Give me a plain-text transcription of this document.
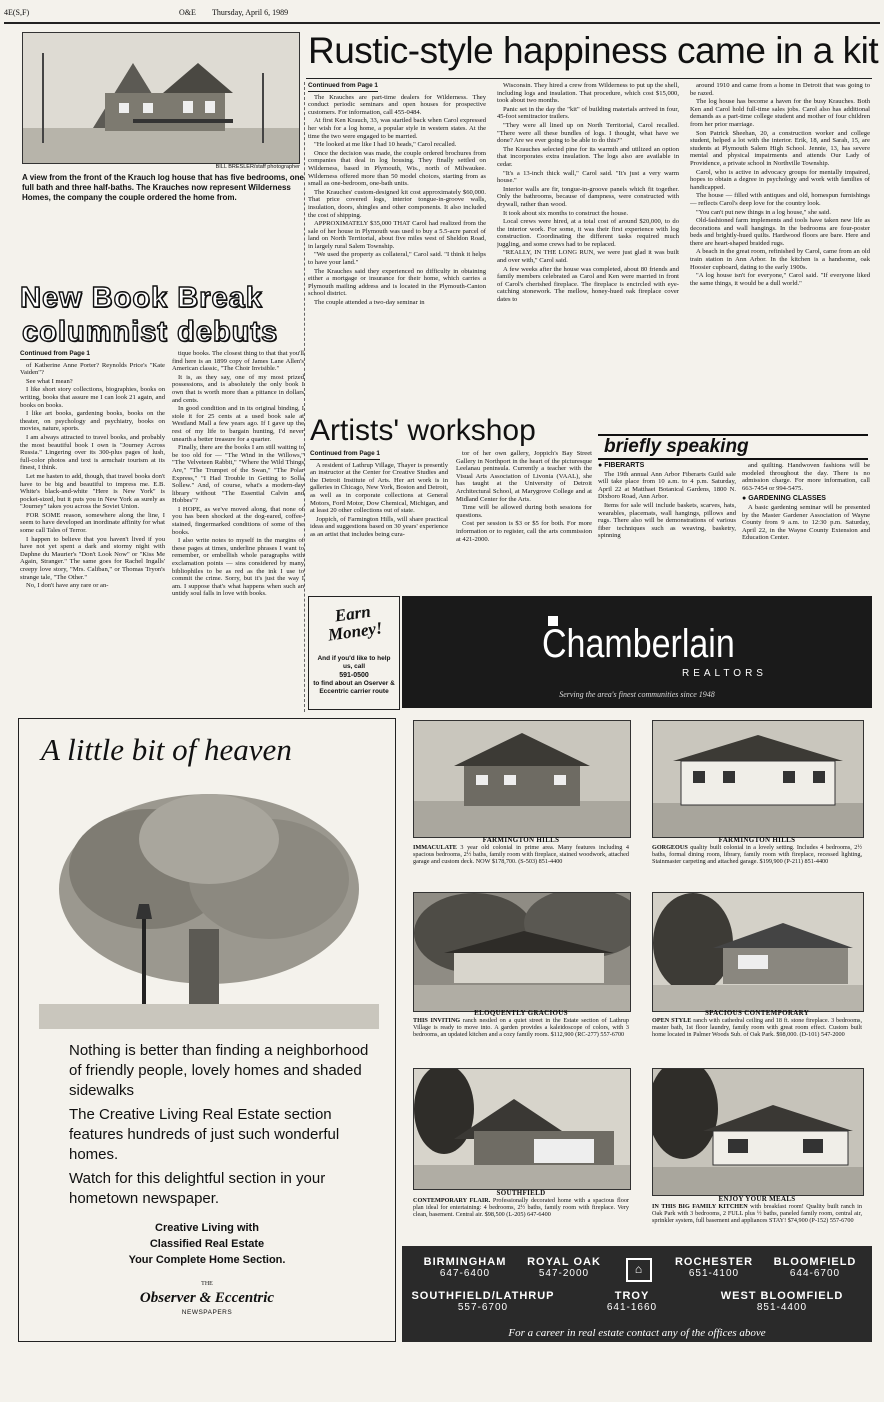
4E(S,F)	O&E Thursday, April 6, 1989
BILL BRESLER/staff photographer
A view from the front of the Krauch log house that has five bedrooms, one full bath and three half-baths. The Krauches now represent Wilderness Homes, the company the couple ordered the home from.
Rustic-style happiness came in a kit

Continued from Page 1

The Krauches are part-time dealers for Wilderness. They conduct periodic seminars and open houses for prospective customers. For information, call 455-0484.

At first Ken Krauch, 33, was startled back when Carol expressed her wish for a log home, a popular style in western states. At the time the two were engaged to be married.

"He looked at me like I had 10 heads," Carol recalled.

Once the decision was made, the couple ordered brochures from companies that deal in log housing. They finally settled on Wilderness, based in Plymouth, Wis., north of Milwaukee. Wilderness offered more than 50 model choices, starting from as small as one-bedroom, one-bath units.

The Krauches' custom-designed kit cost approximately $60,000. That price covered logs, interior tongue-in-groove walls, insulation, doors, shingles and other components. It also included the cost of shipping.

APPROXIMATELY $35,000 THAT Carol had realized from the sale of her house in Plymouth was used to buy a 5.5-acre parcel of land on North Territorial, about five miles west of Sheldon Road, in largely rural Salem Township.

"We used the property as collateral," Carol said. "I think it helps to have your land."

The Krauches said they experienced no difficulty in obtaining either a mortgage or insurance for their home, which carries a Plymouth mailing address and is located in the Plymouth-Canton school district.

The couple attended a two-day seminar in

Wisconsin. They hired a crew from Wilderness to put up the shell, including logs and insulation. That procedure, which cost $15,000, took about two months.

Panic set in the day the "kit" of building materials arrived in four, 45-foot semitractor trailers.

"They were all lined up on North Territorial, Carol recalled. "There were all these bundles of logs. I thought, what have we done? Are we ever going to be able to do this?"

The Krauches selected pine for its warmth and utilized an option that incorporates extra insulation. The logs also are available in cedar.

"It's a 13-inch thick wall," Carol said. "It's just a very warm house."

Interior walls are fir, tongue-in-groove panels which fit together. Only the bathrooms, because of dampness, were constructed with drywall, rather than wood.

It took about six months to construct the house.

Local crews were hired, at a total cost of around $20,000, to do the interior work. For some, it was their first experience with log construction. Coordinating the different tasks required much juggling, and some crews had to be replaced.

"REALLY, IN THE LONG RUN, we were just glad it was built and over with," Carol said.

A few weeks after the house was completed, about 80 friends and family members celebrated as Carol and Ken were married in front of Carol's cherished fireplace. The fireplace is encircled with eye-catching stonework. The mellow, honey-hued oak fireplace cover dates to

around 1910 and came from a home in Detroit that was going to be razed.

The log house has become a haven for the busy Krauches. Both Ken and Carol hold full-time sales jobs. Carol also has additional demands as a part-time college student and mother of four children from her prior marriage.

Son Patrick Sheehan, 20, a construction worker and college student, helped a lot with the interior. Erik, 18, and Sarah, 15, are students at Plymouth Salem High School. Jennie, 13, has severe mental and physical impairments and attends Our Lady of Providence, a private school in Northville Township.

Carol, who is active in advocacy groups for mentally impaired, hopes to obtain a degree in psychology and work with families of handicapped.

The house — filled with antiques and old, homespun furnishings — reflects Carol's deep love for the country look.

"You can't put new things in a log house," she said.

Old-fashioned farm implements and tools have taken new life as decorations and wall hangings. In the bedrooms are four-poster beds and brightly-hued quilts. Hardwood floors are bare. Here and there are heart-shaped braided rugs.

A beach in the great room, refinished by Carol, came from an old train station in Ann Arbor. In the kitchen is a handsome, oak Hoosier cupboard, dating to the early 1900s.

"A log house isn't for everyone," Carol said. "If everyone liked the same things, it would be a dull world."

New Book Break
columnist debuts

Continued from Page 1

of Katherine Anne Porter? Reynolds Price's "Kate Vaiden"?

See what I mean?

I like short story collections, biographies, books on writing, books that assure me I can look 21 again, and books on books.

I like art books, gardening books, books on the theater, on psychology and psychiatry, books on movies, nature, sports.

I am always attracted to travel books, and probably the most beautiful book I own is "Journey Across Russia." Lingering over its 300-plus pages of lush, full-color photos and text is armchair tourism at its finest, I think.

Let me hasten to add, though, that travel books don't have to be big and beautiful to impress me. E.B. White's black-and-white "Here is New York" is pocket-sized, but it puts you in New York as surely as "Journey" takes you across the Soviet Union.

FOR SOME reason, somewhere along the line, I seem to have developed an inordinate affinity for what some call Tales of Terror.

I happen to believe that you haven't lived if you have not yet spent a dark and stormy night with Daphne du Maurier's "Don't Look Now" or "Kiss Me Again, Stranger." The same goes for Rachel Ingalls' creepy love story, "Mrs. Caliban," or Thomas Tryon's strange tale, "The Other."

No, I don't have any rare or an-

tique books. The closest thing to that that you'll find here is an 1899 copy of James Lane Allen's American classic, "The Choir Invisible."

It is, as they say, one of my most prized possessions, and is absolutely the only book I own that is worth more than a pittance in dollars and cents.

In good condition and in its original binding, I stole it for 25 cents at a used book sale at Westland Mall a few years ago. If I gave up the rest of my life to bargain hunting, I'd never unearth a better treasure for a quarter.

Finally, there are the books I am still waiting to be too old for — "The Wind in the Willows," "The Velveteen Rabbit," "Where the Wild Things Are," "The Trumpet of the Swan," "The Polar Express," "I Had Trouble in Getting to Solla Sollew." And, of course, what's a modern-day library without "The Essential Calvin and Hobbes"?

I HOPE, as we've moved along, that none of you has been shocked at the dog-eared, coffee-stained, fingermarked conditions of some of the books.

I also write notes to myself in the margins of these pages at times, underline phrases I want to remember, or embellish whole paragraphs with exclamation points — sins considered by many bibliophiles to be as red as the ink I use to commit the crime. Sorry, but it's just the way I am. I suppose that's what happens when such an untidy soul falls in love with books.

Artists' workshop

Continued from Page 1

A resident of Lathrup Village, Thayer is presently an instructor at the Center for Creative Studies and the Detroit Institute of Arts. Her art work is in galleries in Chicago, New York, Boston and Detroit, as well as in corporate collections at General Motors, Ford Motor, Dow Chemical, Michigan, and at least 20 other collections out of state.

Joppich, of Farmington Hills, will share practical ideas and suggestions based on 30 years' experience as an artist that includes being cura-

tor of her own gallery, Joppich's Bay Street Gallery in Northport in the heart of the picturesque Leelanau peninsula. Currently a teacher with the Visual Arts Association of Livonia (VAAL), she has taught at the University of Detroit Architectural School, at Marygrove College and at Midland Center for the Arts.

Time will be allowed during both sessions for questions.

Cost per session is $3 or $5 for both. For more information or to register, call the arts commission at 421-2000.

briefly speaking

● FIBERARTS

The 19th annual Ann Arbor Fiberarts Guild sale will take place from 10 a.m. to 4 p.m. Saturday, April 22 at Matthaei Botanical Gardens, 1800 N. Dixboro Road, Ann Arbor.

Items for sale will include baskets, scarves, hats, wearables, placemats, wall hangings, pillows and rugs. There also will be demonstrations of various fiber techniques such as weaving, basketry, spinning

and quilting. Handwoven fashions will be modeled throughout the day. There is no admission charge. For more information, call 663-7454 or 994-5475.

● GARDENING CLASSES

A basic gardening seminar will be presented by the Master Gardener Association of Wayne County from 9 a.m. to 12:30 p.m. Saturday, April 22, in the Wayne County Extension and Education Center.

Earn Money!
And if you'd like to help us, call
591-0500
to find about an Oserver & Eccentric carrier route
Chamberlain
REALTORS
Serving the area's finest communities since 1948
A little bit of heaven
Nothing is better than finding a neighborhood of friendly people, lovely homes and shaded sidewalks
The Creative Living Real Estate section features hundreds of just such wonderful homes.
Watch for this delightful section in your hometown newspaper.
Creative Living with
Classified Real Estate
Your Complete Home Section.
THE
Observer & Eccentric
NEWSPAPERS
FARMINGTON HILLS
IMMACULATE 3 year old colonial in prime area. Many features including 4 spacious bedrooms, 2½ baths, family room with fireplace, stained woodwork, attached garage and custom deck. NOW $178,700. (S-503) 851-4400
FARMINGTON HILLS
GORGEOUS quality built colonial in a lovely setting. Includes 4 bedrooms, 2½ baths, formal dining room, library, family room with fireplace, recessed lighting, Stainmaster carpeting and attached garage. $199,900 (P-211) 851-4400
ELOQUENTLY GRACIOUS
THIS INVITING ranch nestled on a quiet street in the Estate section of Lathrup Village is ready to move into. A garden provides a kaleidoscope of colors, with 3 bedrooms, an updated kitchen and a cozy family room. $112,900 (RC-277) 557-6700
SPACIOUS CONTEMPORARY
OPEN STYLE ranch with cathedral ceiling and 18 ft. stone fireplace. 3 bedrooms, master bath, 1st floor laundry, family room with great room effect. Custom built home located in Palmer Woods Sub. of Oak Park. $98,000. (D-101) 547-2000
SOUTHFIELD
CONTEMPORARY FLAIR. Professionally decorated home with a spacious floor plan ideal for entertaining: 4 bedrooms, 2½ baths, family room with fireplace. Very clean, basement. Central air. $98,500 (L-205) 647-6400
ENJOY YOUR MEALS
IN THIS BIG FAMILY KITCHEN with breakfast room! Quality built ranch in Oak Park with 3 bedrooms, 2 FULL plus ½ baths, paneled family room, central air, sprinkler system, full basement and appliances STAY! $74,900 (P-152) 557-6700
BIRMINGHAM
647-6400
ROYAL OAK
547-2000	⌂	ROCHESTER
651-4100
BLOOMFIELD
644-6700
SOUTHFIELD/LATHRUP
557-6700
TROY
641-1660
WEST BLOOMFIELD
851-4400
For a career in real estate contact any of the offices above
